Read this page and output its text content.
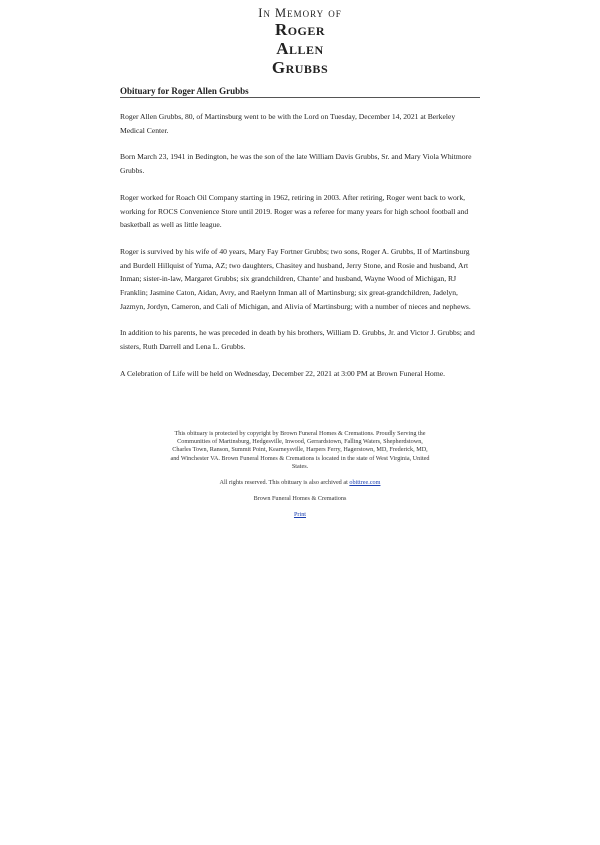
In Memory of
Roger
Allen
Grubbs

Obituary for Roger Allen Grubbs

Roger Allen Grubbs, 80, of Martinsburg went to be with the Lord on Tuesday, December 14, 2021 at Berkeley Medical Center.

Born March 23, 1941 in Bedington, he was the son of the late William Davis Grubbs, Sr. and Mary Viola Whitmore Grubbs.

Roger worked for Roach Oil Company starting in 1962, retiring in 2003. After retiring, Roger went back to work, working for ROCS Convenience Store until 2019. Roger was a referee for many years for high school football and basketball as well as little league.

Roger is survived by his wife of 40 years, Mary Fay Fortner Grubbs; two sons, Roger A. Grubbs, II of Martinsburg and Burdell Hillquist of Yuma, AZ; two daughters, Chasitey and husband, Jerry Stone, and Rosie and husband, Art Inman; sister-in-law, Margaret Grubbs; six grandchildren, Chante’ and husband, Wayne Wood of Michigan, RJ Franklin; Jasmine Caton, Aidan, Avry, and Raelynn Inman all of Martinsburg; six great-grandchildren, Jadelyn, Jazmyn, Jordyn, Cameron, and Cali of Michigan, and Alivia of Martinsburg; with a number of nieces and nephews.

In addition to his parents, he was preceded in death by his brothers, William D. Grubbs, Jr. and Victor J. Grubbs; and sisters, Ruth Darrell and Lena L. Grubbs.

A Celebration of Life will be held on Wednesday, December 22, 2021 at 3:00 PM at Brown Funeral Home.

This obituary is protected by copyright by Brown Funeral Homes & Cremations. Proudly Serving the Communities of Martinsburg, Hedgesville, Inwood, Gerrardstown, Falling Waters, Shepherdstown, Charles Town, Ranson, Summit Point, Kearneysville, Harpers Ferry, Hagerstown, MD, Frederick, MD, and Winchester VA. Brown Funeral Homes & Cremations is located in the state of West Virginia, United States.

All rights reserved. This obituary is also archived at obittree.com

Brown Funeral Homes & Cremations

Print
